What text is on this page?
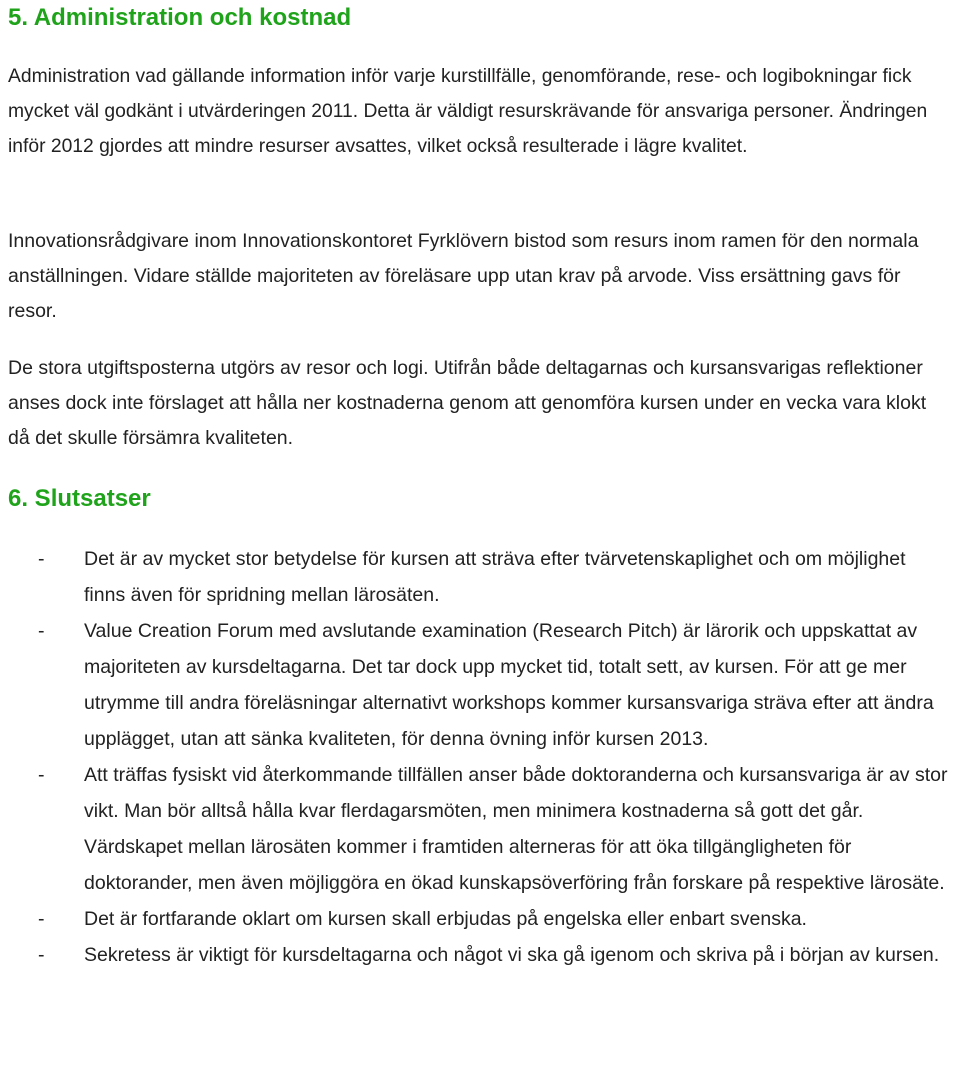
5. Administration och kostnad

Administration vad gällande information inför varje kurstillfälle, genomförande, rese- och logibokningar fick mycket väl godkänt i utvärderingen 2011. Detta är väldigt resurskrävande för ansvariga personer. Ändringen inför 2012 gjordes att mindre resurser avsattes, vilket också resulterade i lägre kvalitet.

Innovationsrådgivare inom Innovationskontoret Fyrklövern bistod som resurs inom ramen för den normala anställningen. Vidare ställde majoriteten av föreläsare upp utan krav på arvode. Viss ersättning gavs för resor.

De stora utgiftsposterna utgörs av resor och logi. Utifrån både deltagarnas och kursansvarigas reflektioner anses dock inte förslaget att hålla ner kostnaderna genom att genomföra kursen under en vecka vara klokt då det skulle försämra kvaliteten.

6. Slutsatser
- Det är av mycket stor betydelse för kursen att sträva efter tvärvetenskaplighet och om möjlighet finns även för spridning mellan lärosäten.
- Value Creation Forum med avslutande examination (Research Pitch) är lärorik och uppskattat av majoriteten av kursdeltagarna. Det tar dock upp mycket tid, totalt sett, av kursen. För att ge mer utrymme till andra föreläsningar alternativt workshops kommer kursansvariga sträva efter att ändra upplägget, utan att sänka kvaliteten, för denna övning inför kursen 2013.
- Att träffas fysiskt vid återkommande tillfällen anser både doktoranderna och kursansvariga är av stor vikt. Man bör alltså hålla kvar flerdagarsmöten, men minimera kostnaderna så gott det går. Värdskapet mellan lärosäten kommer i framtiden alterneras för att öka tillgängligheten för doktorander, men även möjliggöra en ökad kunskapsöverföring från forskare på respektive lärosäte.
- Det är fortfarande oklart om kursen skall erbjudas på engelska eller enbart svenska.
- Sekretess är viktigt för kursdeltagarna och något vi ska gå igenom och skriva på i början av kursen.
